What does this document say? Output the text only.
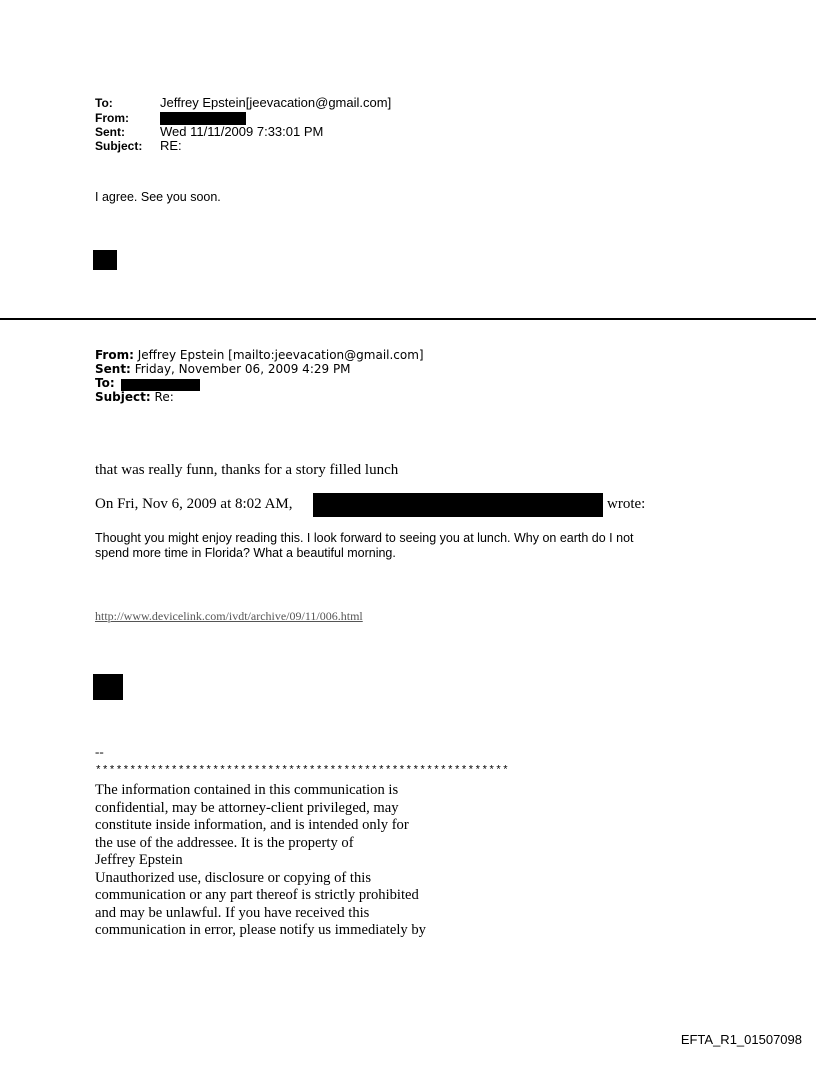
To:	Jeffrey Epstein[jeevacation@gmail.com]
From:
Sent:	Wed 11/11/2009 7:33:01 PM
Subject: RE:
I agree. See you soon.
From: Jeffrey Epstein [mailto:jeevacation@gmail.com]
Sent: Friday, November 06, 2009 4:29 PM
To:
Subject: Re:
that was really funn, thanks for a story filled lunch
On Fri, Nov 6, 2009 at 8:02 AM,	wrote:
Thought you might enjoy reading this. I look forward to seeing you at lunch. Why on earth do I not
spend more time in Florida? What a beautiful morning.
http://www.devicelink.com/ivdt/archive/09/11/006.html
--
************************************************************
The information contained in this communication is
confidential, may be attorney-client privileged, may
constitute inside information, and is intended only for
the use of the addressee. It is the property of
Jeffrey Epstein
Unauthorized use, disclosure or copying of this
communication or any part thereof is strictly prohibited
and may be unlawful. If you have received this
communication in error, please notify us immediately by
EFTA_R1_01507098
